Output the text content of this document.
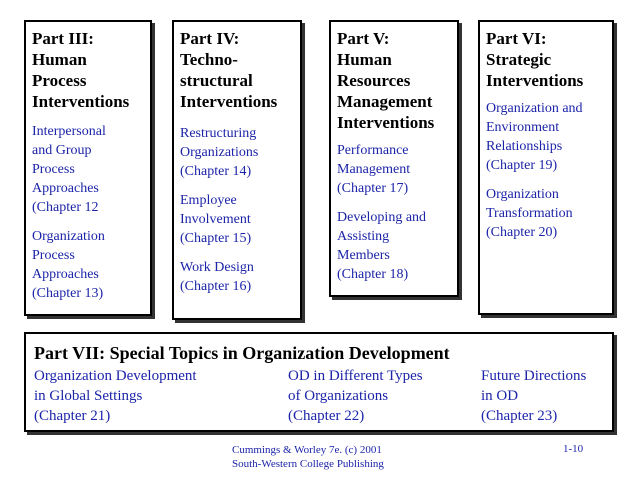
Part III:
Human
Process
Interventions

Interpersonal
and Group
Process
Approaches
(Chapter 12

Organization
Process
Approaches
(Chapter 13)

Part IV:
Techno-
structural
Interventions

Restructuring
Organizations
(Chapter 14)

Employee
Involvement
(Chapter 15)

Work Design
(Chapter 16)

Part V:
Human
Resources
Management
Interventions

Performance
Management
(Chapter 17)

Developing and
Assisting
Members
(Chapter 18)

Part VI:
Strategic
Interventions

Organization and
Environment
Relationships
(Chapter 19)

Organization
Transformation
(Chapter 20)

Part VII: Special Topics in Organization Development

Organization Development
in Global Settings
(Chapter 21)
OD in Different Types
of Organizations
(Chapter 22)
Future Directions
in OD
(Chapter 23)
Cummings & Worley 7e. (c) 2001
South-Western College Publishing
1-10
